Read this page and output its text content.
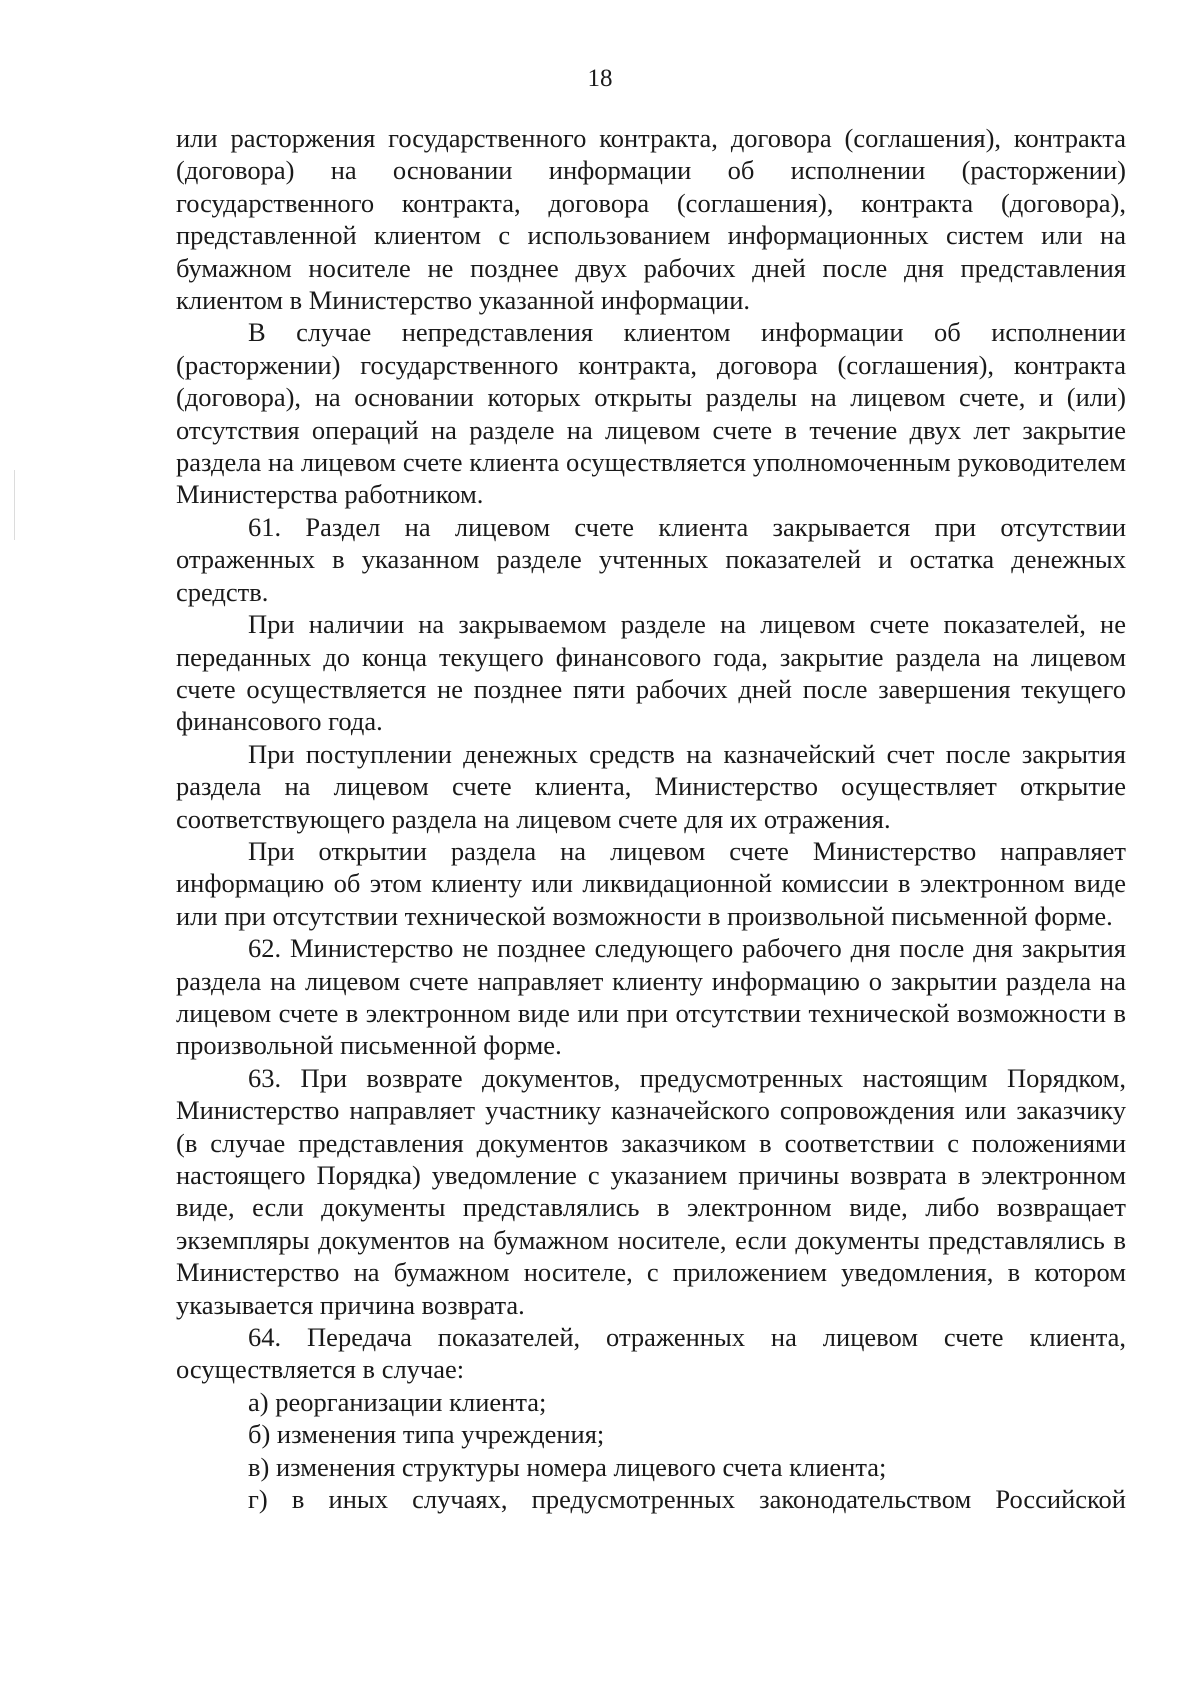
18

или расторжения государственного контракта, договора (соглашения), контракта (договора) на основании информации об исполнении (расторжении) государственного контракта, договора (соглашения), контракта (договора), представленной клиентом с использованием информационных систем или на бумажном носителе не позднее двух рабочих дней после дня представления клиентом в Министерство указанной информации.

В случае непредставления клиентом информации об исполнении (расторжении) государственного контракта, договора (соглашения), контракта (договора), на основании которых открыты разделы на лицевом счете, и (или) отсутствия операций на разделе на лицевом счете в течение двух лет закрытие раздела на лицевом счете клиента осуществляется уполномоченным руководителем Министерства работником.

61. Раздел на лицевом счете клиента закрывается при отсутствии отраженных в указанном разделе учтенных показателей и остатка денежных средств.

При наличии на закрываемом разделе на лицевом счете показателей, не переданных до конца текущего финансового года, закрытие раздела на лицевом счете осуществляется не позднее пяти рабочих дней после завершения текущего финансового года.

При поступлении денежных средств на казначейский счет после закрытия раздела на лицевом счете клиента, Министерство осуществляет открытие соответствующего раздела на лицевом счете для их отражения.

При открытии раздела на лицевом счете Министерство направляет информацию об этом клиенту или ликвидационной комиссии в электронном виде или при отсутствии технической возможности в произвольной письменной форме.

62. Министерство не позднее следующего рабочего дня после дня закрытия раздела на лицевом счете направляет клиенту информацию о закрытии раздела на лицевом счете в электронном виде или при отсутствии технической возможности в произвольной письменной форме.

63. При возврате документов, предусмотренных настоящим Порядком, Министерство направляет участнику казначейского сопровождения или заказчику (в случае представления документов заказчиком в соответствии с положениями настоящего Порядка) уведомление с указанием причины возврата в электронном виде, если документы представлялись в электронном виде, либо возвращает экземпляры документов на бумажном носителе, если документы представлялись в Министерство на бумажном носителе, с приложением уведомления, в котором указывается причина возврата.

64. Передача показателей, отраженных на лицевом счете клиента, осуществляется в случае:

а) реорганизации клиента;

б) изменения типа учреждения;

в) изменения структуры номера лицевого счета клиента;

г) в иных случаях, предусмотренных законодательством Российской
